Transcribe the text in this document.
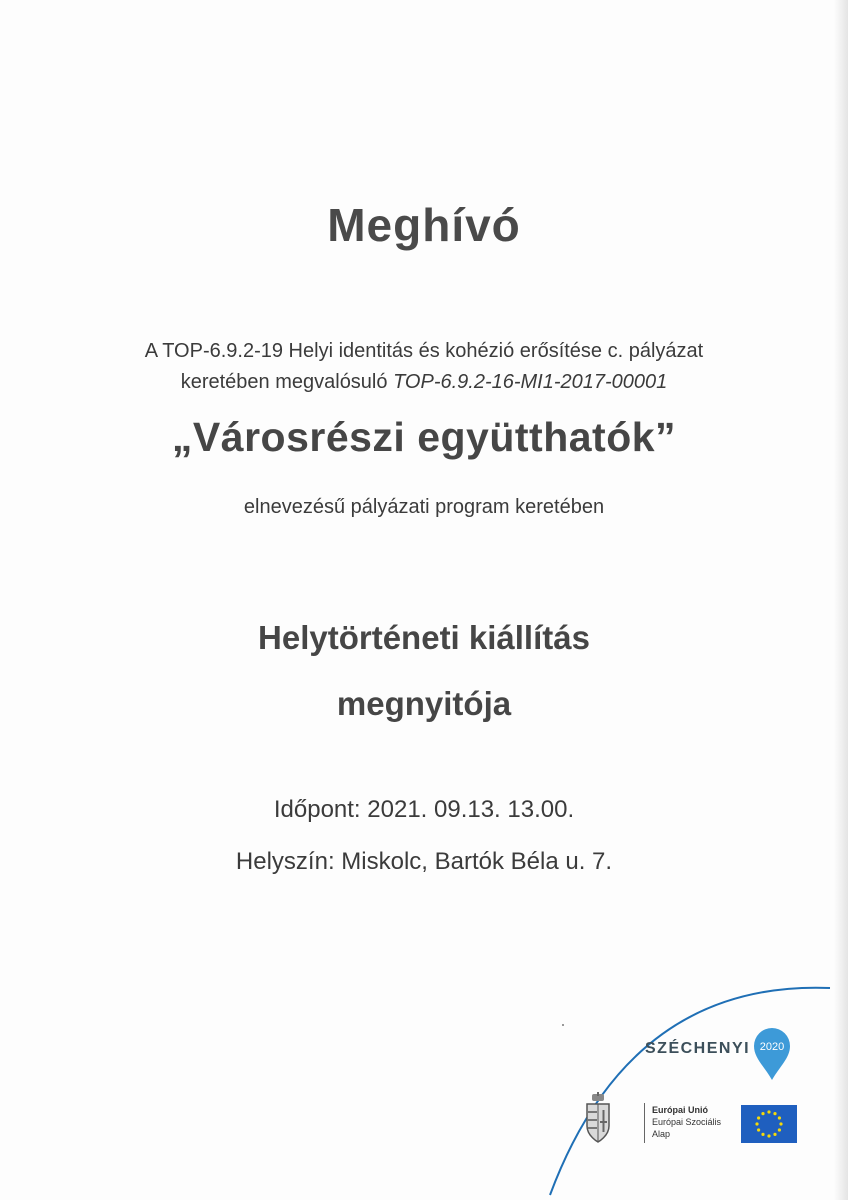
Meghívó
A TOP-6.9.2-19 Helyi identitás és kohézió erősítése c. pályázat
keretében megvalósuló TOP-6.9.2-16-MI1-2017-00001
„Városrészi együtthatók”
elnevezésű pályázati program keretében
Helytörténeti kiállítás
megnyitója
Időpont: 2021. 09.13. 13.00.
Helyszín: Miskolc, Bartók Béla u. 7.
SZÉCHENYI 2020
Európai Unió
Európai Szociális
Alap
